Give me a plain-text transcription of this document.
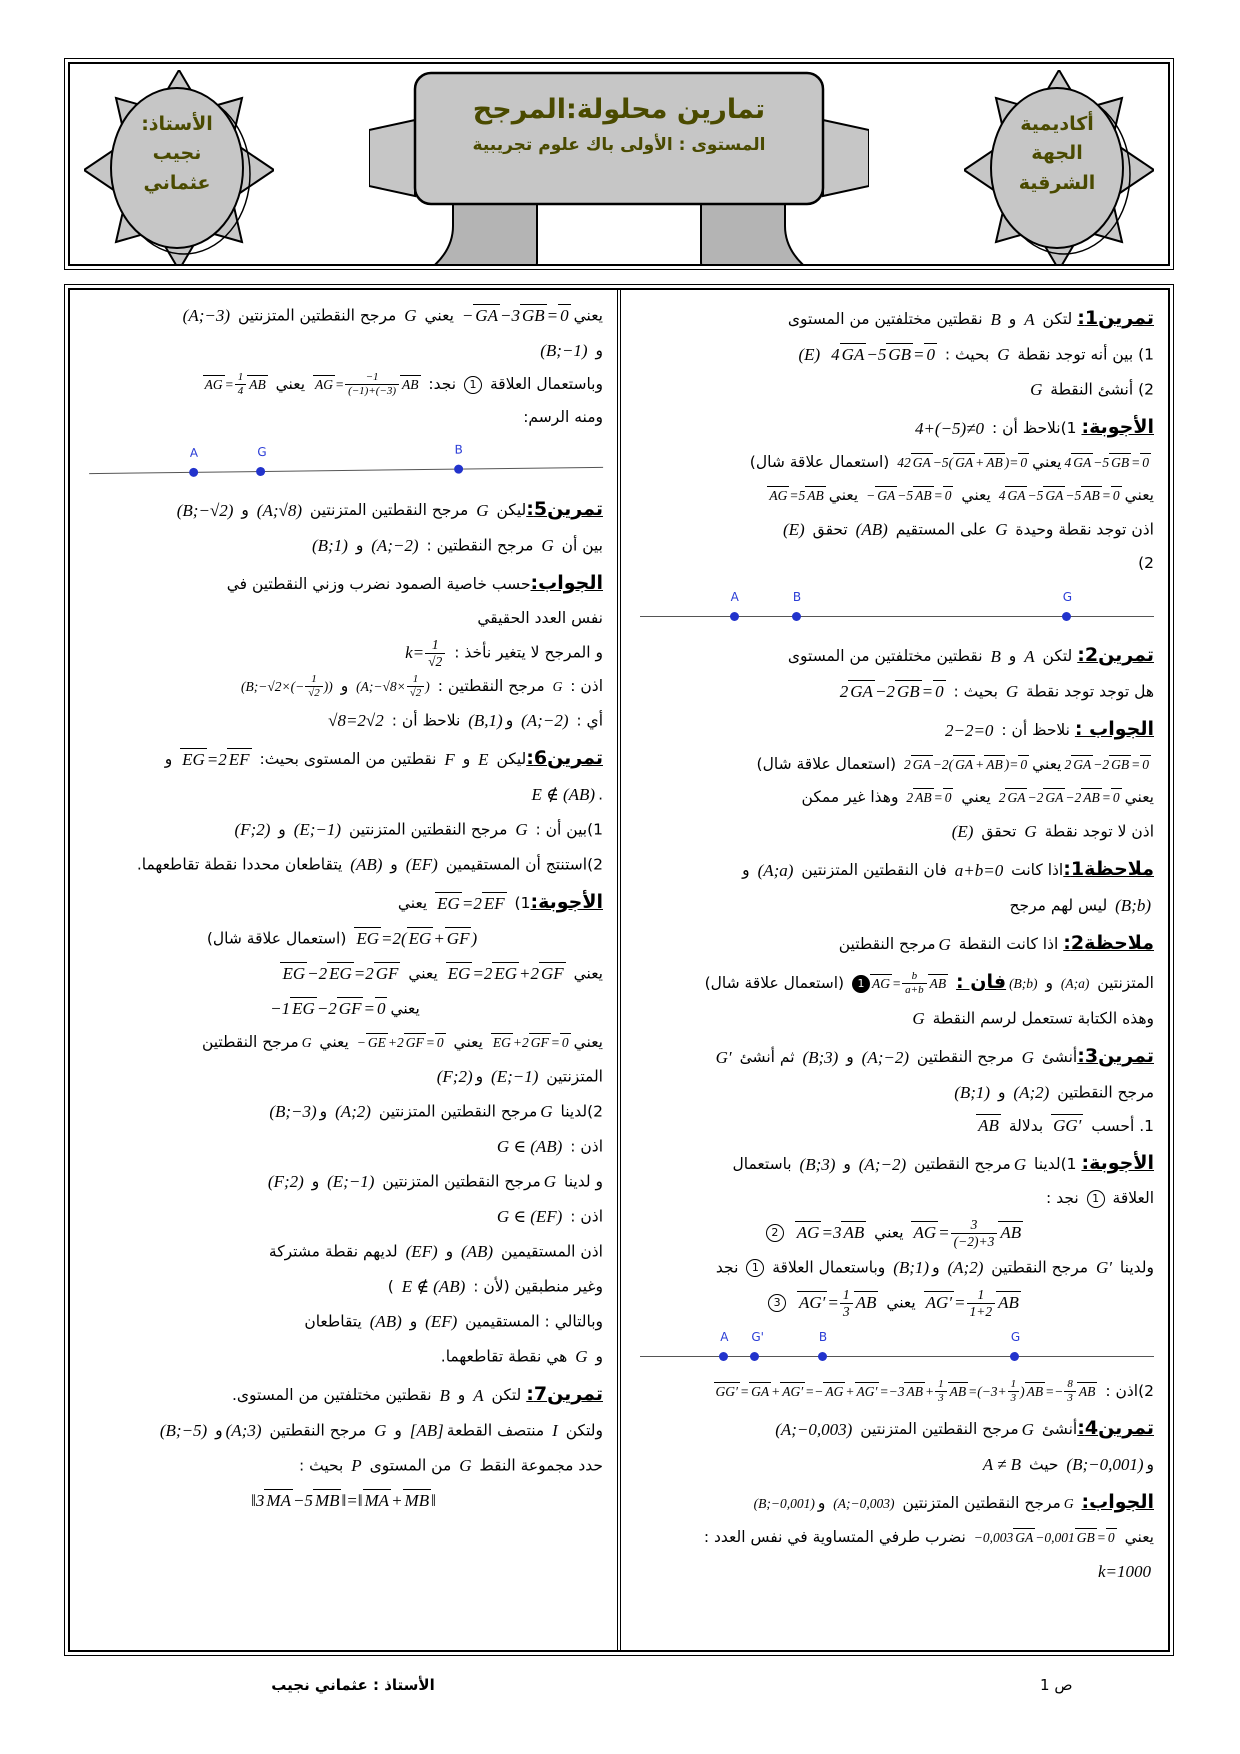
الأستاذ:
نجيب
عثماني
أكاديمية
الجهة
الشرقية
تمارين محلولة:المرجح
المستوى : الأولى باك علوم تجريبية
تمرين1: لتكن A و B نقطتين مختلفتين من المستوى
1) بين أنه توجد نقطة G بحيث : 4 GA −5 GB = 0 (E)
2) أنشئ النقطة G
الأجوبة: 1)نلاحظ أن : 4+(−5)≠0
4 GA −5 GB = 0يعني42 GA −5( GA + AB )= 0 (استعمال علاقة شال)
يعني4 GA −5 GA −5 AB = 0 يعني − GA −5 AB = 0 يعنيAG =5 AB
اذن توجد نقطة وحيدة G على المستقيم (AB) تحقق (E)
2)
A	B	G
تمرين2: لتكن A و B نقطتين مختلفتين من المستوى
هل توجد توجد نقطة G بحيث : 2 GA −2 GB = 0
الجواب : نلاحظ أن : 2−2=0
2 GA −2 GB = 0يعني2 GA −2( GA + AB )= 0 (استعمال علاقة شال)
يعني2 GA −2 GA −2 AB = 0 يعني 2 AB = 0 وهذا غير ممكن
اذن لا توجد نقطة G تحقق (E)
ملاحظة1:اذا كانت a+b=0 فان النقطتين المتزنتين (A;a) و
(B;b) ليس لهم مرجح
ملاحظة2: اذا كانت النقطة Gمرجح النقطتين
المتزنتين (A;a) و (B;b)فان : 1 AG = $\frac{b}{a+b}$ AB (استعمال علاقة شال)
وهذه الكتابة تستعمل لرسم النقطة G
تمرين3:أنشئ G مرجح النقطتين (A;−2) و (B;3) ثم أنشئ G′
مرجح النقطتين (A;2) و (B;1)
1. أحسب GG′ بدلالة AB
الأجوبة: 1)لدينا Gمرجح النقطتين (A;−2) و (B;3) باستعمال
العلاقة 1 نجد :
AG = $\frac{3}{(-2)+3}$ AB يعني AG =3 AB 2
ولدينا G′ مرجح النقطتين (A;2) و(B;1) وباستعمال العلاقة 1 نجد
$AG' = \frac{1}{1+2}$ AB يعني $AG' = \frac{1}{3}$ AB 3
A G'	B	G
2)اذن : GG′ = GA + AG′ =− AG + AG′ =−3 AB + $\frac{1}{3}$ AB $=(-3+ \frac{1}{3}$ ) AB =− $\frac{8}{3}$ AB
تمرين4:أنشئ Gمرجح النقطتين المتزنتين (A;−0,003)
و(B;−0,001) حيث A ≠ B
الجواب: Gمرجح النقطتين المتزنتين (A;−0,003) و(B;−0,001)
يعني −0,003 GA −0,001 GB = 0 نضرب طرفي المتساوية في نفس العدد :
k=1000
يعني− GA −3 GB = 0 يعني G مرجح النقطتين المتزنتين (A;−3)
و (B;−1)
وباستعمال العلاقة 1 نجد: AG = $\frac{-1}{(-1)+(-3)}$ AB يعني AG = $\frac{1}{4}$ AB
ومنه الرسم:
A	G	B
تمرين5:ليكن G مرجح النقطتين المتزنتين (A;√8) و (B;−√2)
بين أن G مرجح النقطتين : (A;−2) و (B;1)
الجواب:حسب خاصية الصمود نضرب وزني النقطتين في
نفس العدد الحقيقي
و المرجح لا يتغير نأخذ : $k= \frac{1}{√2}$
اذن : G مرجح النقطتين : (A;−√8× $\frac{1}{√2}$ ) و (B;−√2×(− $\frac{1}{√2}$ ))
أي : (A;−2) و(B,1) نلاحظ أن : √8=2√2
تمرين6:ليكن E و F نقطتين من المستوى بحيث: EG =2 EF و
.E ∉ (AB)
1)بين أن : G مرجح النقطتين المتزنتين (E;−1) و (F;2)
2)استنتج أن المستقيمين (EF) و (AB) يتقاطعان محددا نقطة تقاطعهما.
الأجوبة:1) EG =2 EF يعني
EG =2( EG + GF ) (استعمال علاقة شال)
يعني EG =2 EG +2 GF يعني EG −2 EG =2 GF
يعني−1 EG −2 GF = 0
يعنيEG +2 GF = 0 يعني − GE +2 GF = 0 يعني Gمرجح النقطتين
المتزنتين (E;−1) و(F;2)
2)لدينا Gمرجح النقطتين المتزنتين (A;2) و(B;−3)
اذن : G ∈ (AB)
و لدينا Gمرجح النقطتين المتزنتين (E;−1) و (F;2)
اذن : G ∈ (EF)
اذن المستقيمين (AB) و (EF) لديهم نقطة مشتركة
وغير منطبقين (لأن : E ∉ (AB) )
وبالتالي : المستقيمين (EF) و (AB) يتقاطعان
و G هي نقطة تقاطعهما.
تمرين7: لتكن A و B نقطتين مختلفتين من المستوى.
ولتكن I منتصف القطعة[AB] و G مرجح النقطتين (A;3)و (B;−5)
حدد مجموعة النقط G من المستوى P بحيث :
‖3 MA −5 MB ‖=‖ MA + MB ‖
الأستاذ : عثماني نجيب	ص 1
